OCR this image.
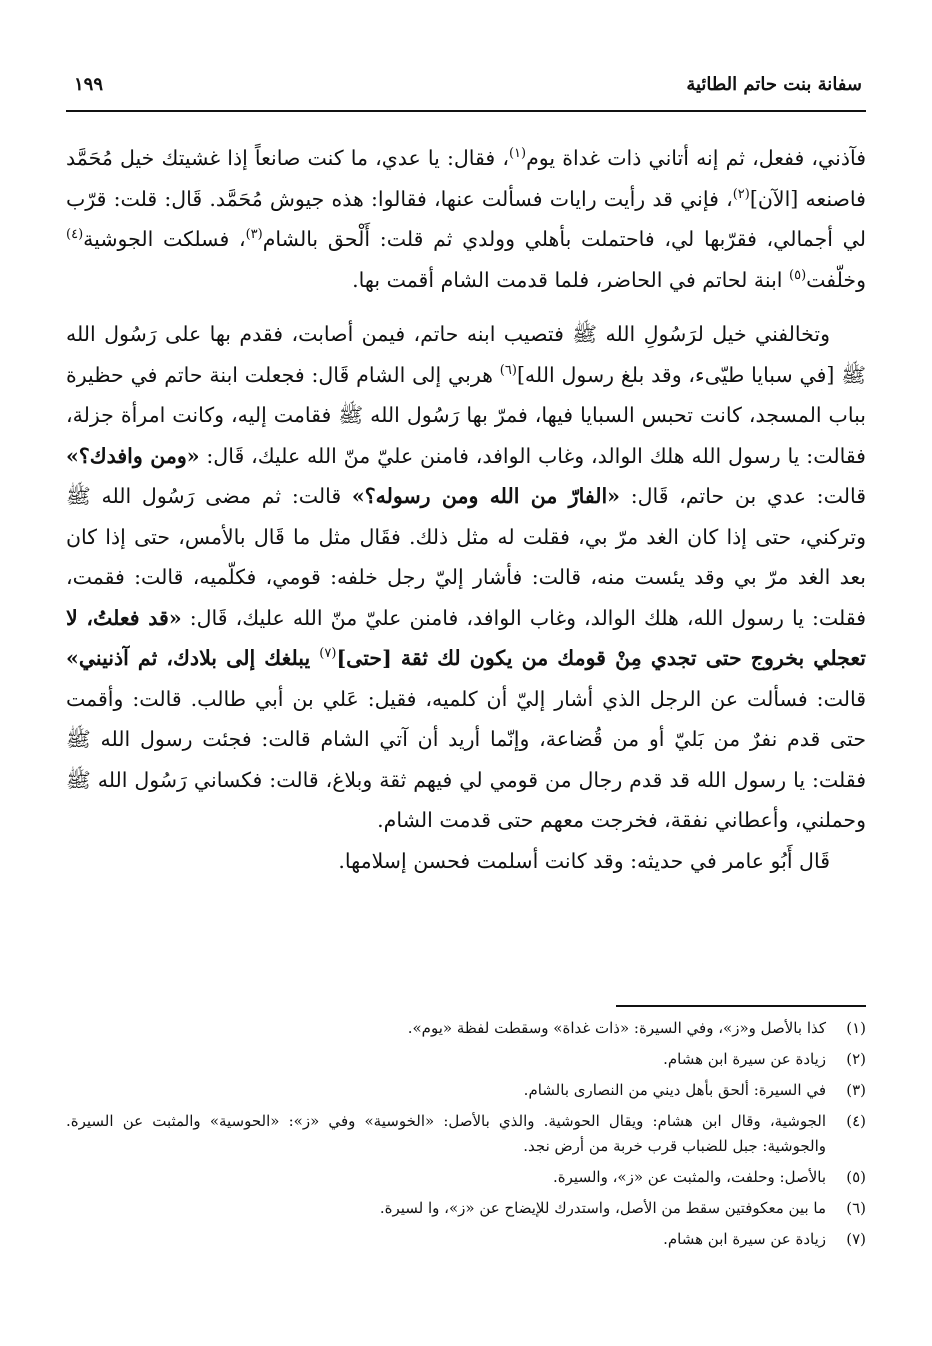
سفانة بنت حاتم الطائية
١٩٩

فآذني، ففعل، ثم إنه أتاني ذات غداة يوم$^{(١)}$، فقال: يا عدي، ما كنت صانعاً إذا غشيتك خيل مُحَمَّد فاصنعه [الآن]$^{(٢)}$، فإني قد رأيت رايات فسألت عنها، فقالوا: هذه جيوش مُحَمَّد. قَال: قلت: قرّب لي أجمالي، فقرّبها لي، فاحتملت بأهلي وولدي ثم قلت: أَلْحق بالشام$^{(٣)}$، فسلكت الجوشية$^{(٤)}$ وخلّفت$^{(٥)}$ ابنة لحاتم في الحاضر، فلما قدمت الشام أقمت بها.

وتخالفني خيل لرَسُولِ الله ﷺ فتصيب ابنه حاتم، فيمن أصابت، فقدم بها على رَسُول الله ﷺ [في سبايا طيّىء، وقد بلغ رسول الله]$^{(٦)}$ هربي إلى الشام قَال: فجعلت ابنة حاتم في حظيرة بباب المسجد، كانت تحبس السبايا فيها، فمرّ بها رَسُول الله ﷺ فقامت إليه، وكانت امرأة جزلة، فقالت: يا رسول الله هلك الوالد، وغاب الوافد، فامنن عليّ منّ الله عليك، قَال: «ومن وافدك؟» قالت: عدي بن حاتم، قَال: «الفارّ من الله ومن رسوله؟» قالت: ثم مضى رَسُول الله ﷺ وتركني، حتى إذا كان الغد مرّ بي، فقلت له مثل ذلك. فقَال مثل ما قَال بالأمس، حتى إذا كان بعد الغد مرّ بي وقد يئست منه، قالت: فأشار إليّ رجل خلفه: قومي، فكلّميه، قالت: فقمت، فقلت: يا رسول الله، هلك الوالد، وغاب الوافد، فامنن عليّ منّ الله عليك، قَال: «قد فعلتُ، لا تعجلي بخروج حتى تجدي مِنْ قومك من يكون لك ثقة [حتى]$^{(٧)}$ يبلغك إلى بلادك، ثم آذنيني» قالت: فسألت عن الرجل الذي أشار إليّ أن كلميه، فقيل: عَلي بن أبي طالب. قالت: وأقمت حتى قدم نفرٌ من بَليّ أو من قُضاعة، وإنّما أريد أن آتي الشام قالت: فجئت رسول الله ﷺ فقلت: يا رسول الله قد قدم رجال من قومي لي فيهم ثقة وبلاغ، قالت: فكساني رَسُول الله ﷺ وحملني، وأعطاني نفقة، فخرجت معهم حتى قدمت الشام.

قَال أَبُو عامر في حديثه: وقد كانت أسلمت فحسن إسلامها.

(١)
كذا بالأصل و«ز»، وفي السيرة: «ذات غداة» وسقطت لفظة «يوم».
(٢)
زيادة عن سيرة ابن هشام.
(٣)
في السيرة: ألحق بأهل ديني من النصارى بالشام.
(٤)
الجوشية، وقال ابن هشام: ويقال الحوشية. والذي بالأصل: «الخوسية» وفي «ز»: «الحوسية» والمثبت عن السيرة. والجوشية: جبل للضباب قرب خربة من أرض نجد.
(٥)
بالأصل: وحلفت، والمثبت عن «ز»، والسيرة.
(٦)
ما بين معكوفتين سقط من الأصل، واستدرك للإيضاح عن «ز»، وا لسيرة.
(٧)
زيادة عن سيرة ابن هشام.
